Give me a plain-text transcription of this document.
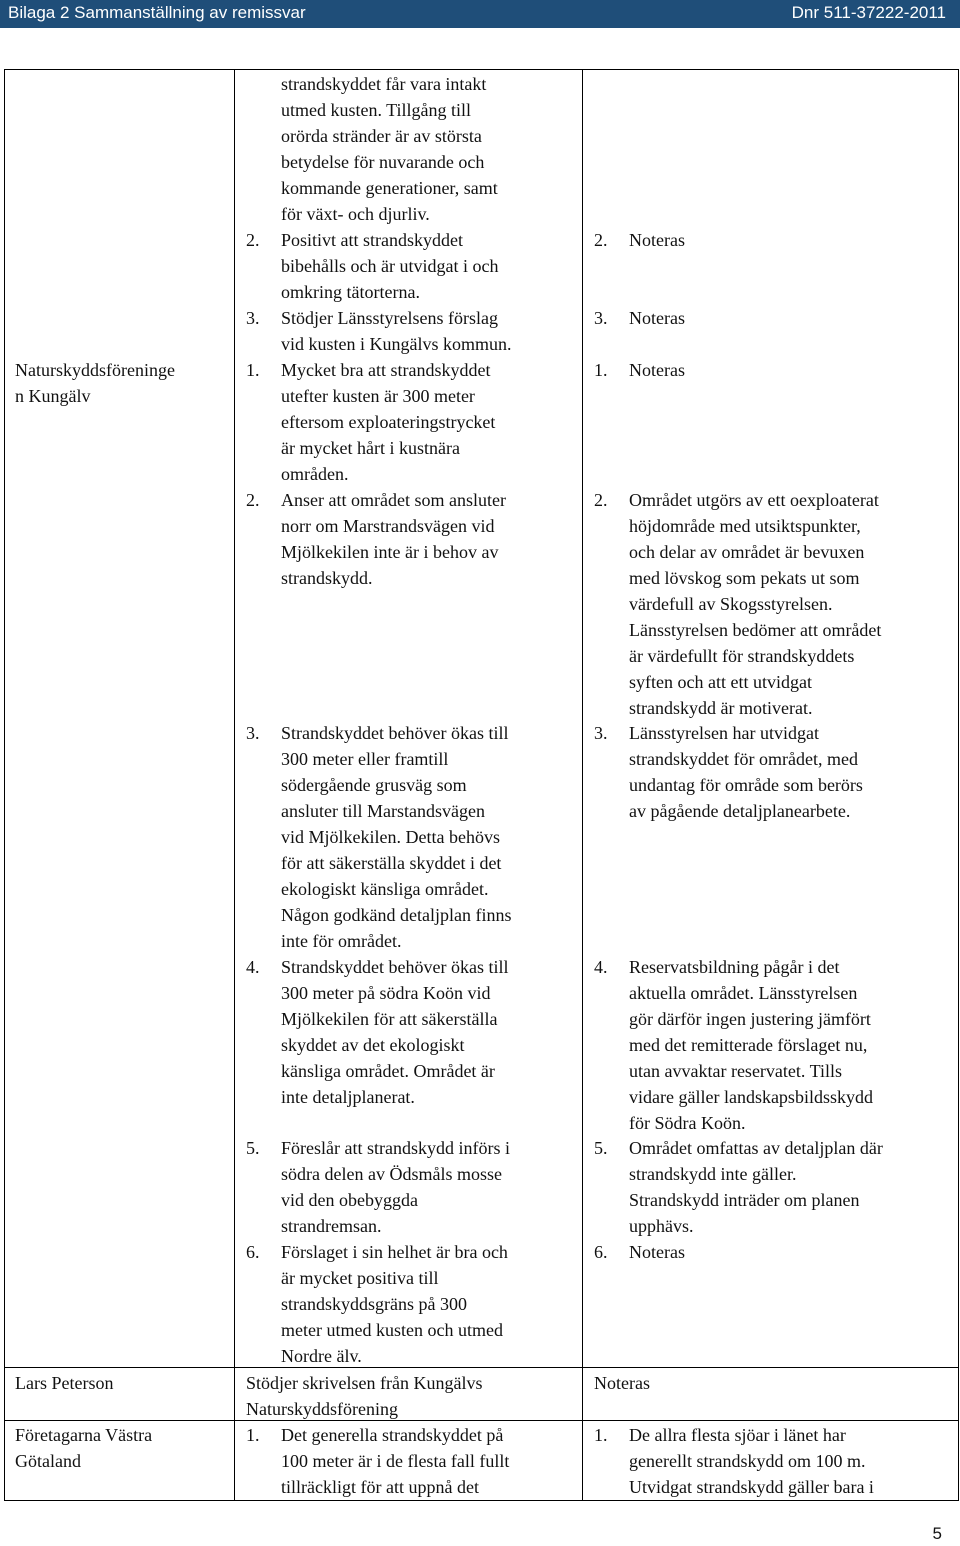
Bilaga 2 Sammanställning av remissvar	Dnr 511-37222-2011
Naturskyddsföreninge
n Kungälv
strandskyddet får vara intakt
utmed kusten. Tillgång till
orörda stränder är av största
betydelse för nuvarande och
kommande generationer, samt
för växt- och djurliv.
2. Positivt att strandskyddet
bibehålls och är utvidgat i och
omkring tätorterna.
3. Stödjer Länsstyrelsens förslag
vid kusten i Kungälvs kommun.
1. Mycket bra att strandskyddet
utefter kusten är 300 meter
eftersom exploateringstrycket
är mycket hårt i kustnära
områden.
2. Anser att området som ansluter
norr om Marstrandsvägen vid
Mjölkekilen inte är i behov av
strandskydd.
3. Strandskyddet behöver ökas till
300 meter eller framtill
södergående grusväg som
ansluter till Marstandsvägen
vid Mjölkekilen. Detta behövs
för att säkerställa skyddet i det
ekologiskt känsliga området.
Någon godkänd detaljplan finns
inte för området.
4. Strandskyddet behöver ökas till
300 meter på södra Koön vid
Mjölkekilen för att säkerställa
skyddet av det ekologiskt
känsliga området. Området är
inte detaljplanerat.
5. Föreslår att strandskydd införs i
södra delen av Ödsmåls mosse
vid den obebyggda
strandremsan.
6. Förslaget i sin helhet är bra och
är mycket positiva till
strandskyddsgräns på 300
meter utmed kusten och utmed
Nordre älv.
2. Noteras
3. Noteras
1. Noteras
2. Området utgörs av ett oexploaterat
höjdområde med utsiktspunkter,
och delar av området är bevuxen
med lövskog som pekats ut som
värdefull av Skogsstyrelsen.
Länsstyrelsen bedömer att området
är värdefullt för strandskyddets
syften och att ett utvidgat
strandskydd är motiverat.
3. Länsstyrelsen har utvidgat
strandskyddet för området, med
undantag för område som berörs
av pågående detaljplanearbete.
4. Reservatsbildning pågår i det
aktuella området. Länsstyrelsen
gör därför ingen justering jämfört
med det remitterade förslaget nu,
utan avvaktar reservatet. Tills
vidare gäller landskapsbildsskydd
för Södra Koön.
5. Området omfattas av detaljplan där
strandskydd inte gäller.
Strandskydd inträder om planen
upphävs.
6. Noteras
Lars Peterson	Stödjer skrivelsen från Kungälvs
Naturskyddsförening
Noteras
Företagarna Västra
Götaland
1. Det generella strandskyddet på
100 meter är i de flesta fall fullt
tillräckligt för att uppnå det
1. De allra flesta sjöar i länet har
generellt strandskydd om 100 m.
Utvidgat strandskydd gäller bara i
5
